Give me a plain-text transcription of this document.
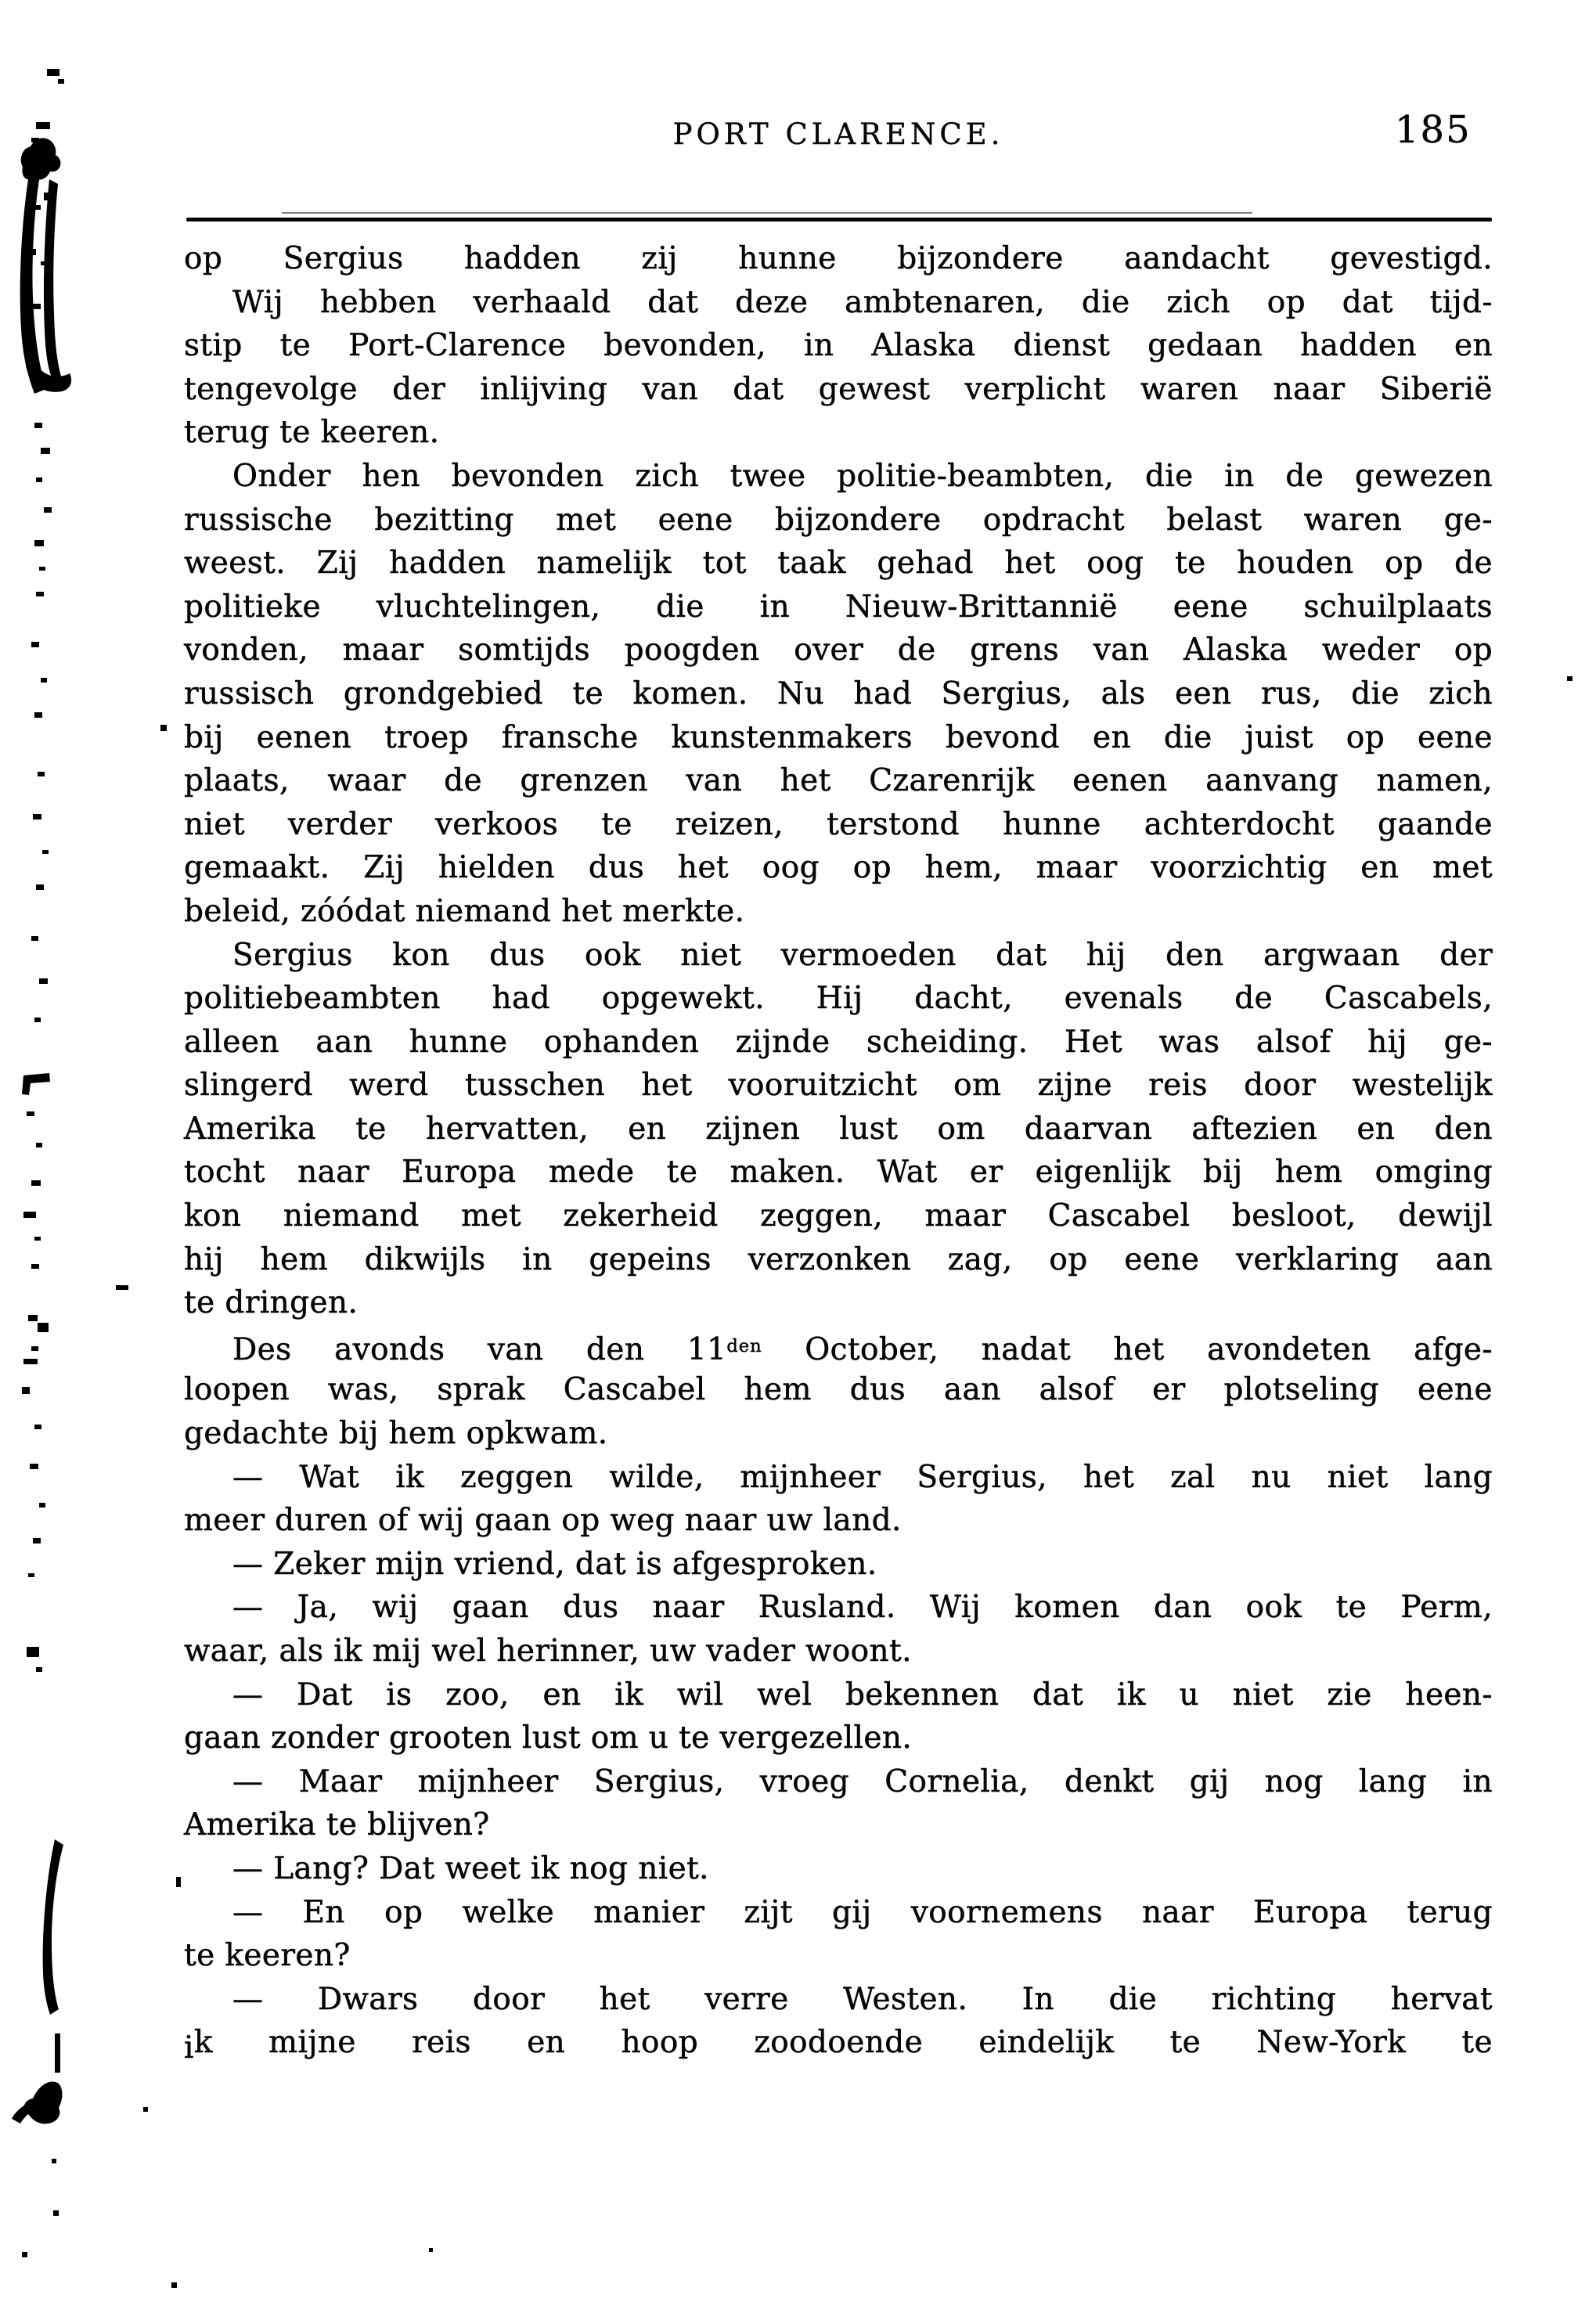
PORT CLARENCE.	185
op Sergius hadden zij hunne bijzondere aandacht gevestigd.
Wij hebben verhaald dat deze ambtenaren, die zich op dat tijd-
stip te Port-Clarence bevonden, in Alaska dienst gedaan hadden en
tengevolge der inlijving van dat gewest verplicht waren naar Siberië
terug te keeren.
Onder hen bevonden zich twee politie-beambten, die in de gewezen
russische bezitting met eene bijzondere opdracht belast waren ge-
weest. Zij hadden namelijk tot taak gehad het oog te houden op de
politieke vluchtelingen, die in Nieuw-Brittannië eene schuilplaats
vonden, maar somtijds poogden over de grens van Alaska weder op
russisch grondgebied te komen. Nu had Sergius, als een rus, die zich
bij eenen troep fransche kunstenmakers bevond en die juist op eene
plaats, waar de grenzen van het Czarenrijk eenen aanvang namen,
niet verder verkoos te reizen, terstond hunne achterdocht gaande
gemaakt. Zij hielden dus het oog op hem, maar voorzichtig en met
beleid, zóódat niemand het merkte.
Sergius kon dus ook niet vermoeden dat hij den argwaan der
politiebeambten had opgewekt. Hij dacht, evenals de Cascabels,
alleen aan hunne ophanden zijnde scheiding. Het was alsof hij ge-
slingerd werd tusschen het vooruitzicht om zijne reis door westelijk
Amerika te hervatten, en zijnen lust om daarvan aftezien en den
tocht naar Europa mede te maken. Wat er eigenlijk bij hem omging
kon niemand met zekerheid zeggen, maar Cascabel besloot, dewijl
hij hem dikwijls in gepeins verzonken zag, op eene verklaring aan
te dringen.
Des avonds van den $11^{den}$ October, nadat het avondeten afge-
loopen was, sprak Cascabel hem dus aan alsof er plotseling eene
gedachte bij hem opkwam.
— Wat ik zeggen wilde, mijnheer Sergius, het zal nu niet lang
meer duren of wij gaan op weg naar uw land.
— Zeker mijn vriend, dat is afgesproken.
— Ja, wij gaan dus naar Rusland. Wij komen dan ook te Perm,
waar, als ik mij wel herinner, uw vader woont.
— Dat is zoo, en ik wil wel bekennen dat ik u niet zie heen-
gaan zonder grooten lust om u te vergezellen.
— Maar mijnheer Sergius, vroeg Cornelia, denkt gij nog lang in
Amerika te blijven?
— Lang? Dat weet ik nog niet.
— En op welke manier zijt gij voornemens naar Europa terug
te keeren?
— Dwars door het verre Westen. In die richting hervat
ik mijne reis en hoop zoodoende eindelijk te New-York te
